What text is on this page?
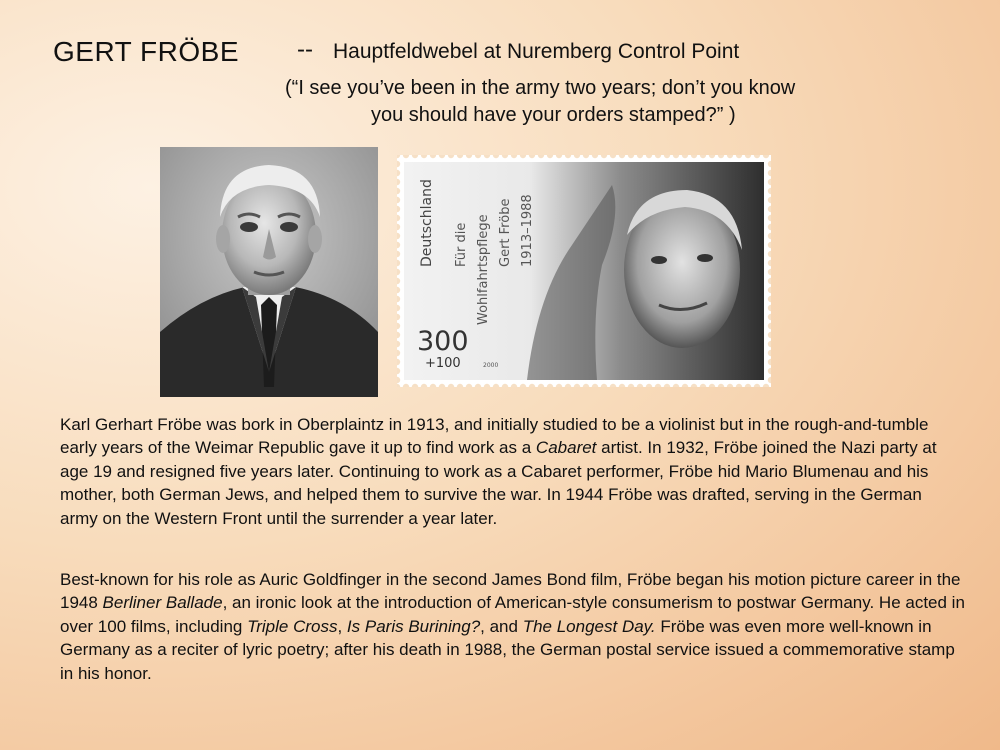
GERT FRÖBE -- Hauptfeldwebel at Nuremberg Control Point
(“I see you’ve been in the army two years; don’t you know
you should have your orders stamped?” )
Deutschland Für die Wohlfahrtspflege Gert Fröbe 1913–1988
300
+100	2000

Karl Gerhart Fröbe was bork in Oberplaintz in 1913, and initially studied to be a violinist but in the rough-and-tumble early years of the Weimar Republic gave it up to find work as a Cabaret artist. In 1932, Fröbe joined the Nazi party at age 19 and resigned five years later. Continuing to work as a Cabaret performer, Fröbe hid Mario Blumenau and his mother, both German Jews, and helped them to survive the war. In 1944 Fröbe was drafted, serving in the German army on the Western Front until the surrender a year later.

Best-known for his role as Auric Goldfinger in the second James Bond film, Fröbe began his motion picture career in the 1948 Berliner Ballade, an ironic look at the introduction of American-style consumerism to postwar Germany. He acted in over 100 films, including Triple Cross, Is Paris Burining?, and The Longest Day. Fröbe was even more well-known in Germany as a reciter of lyric poetry; after his death in 1988, the German postal service issued a commemorative stamp in his honor.
